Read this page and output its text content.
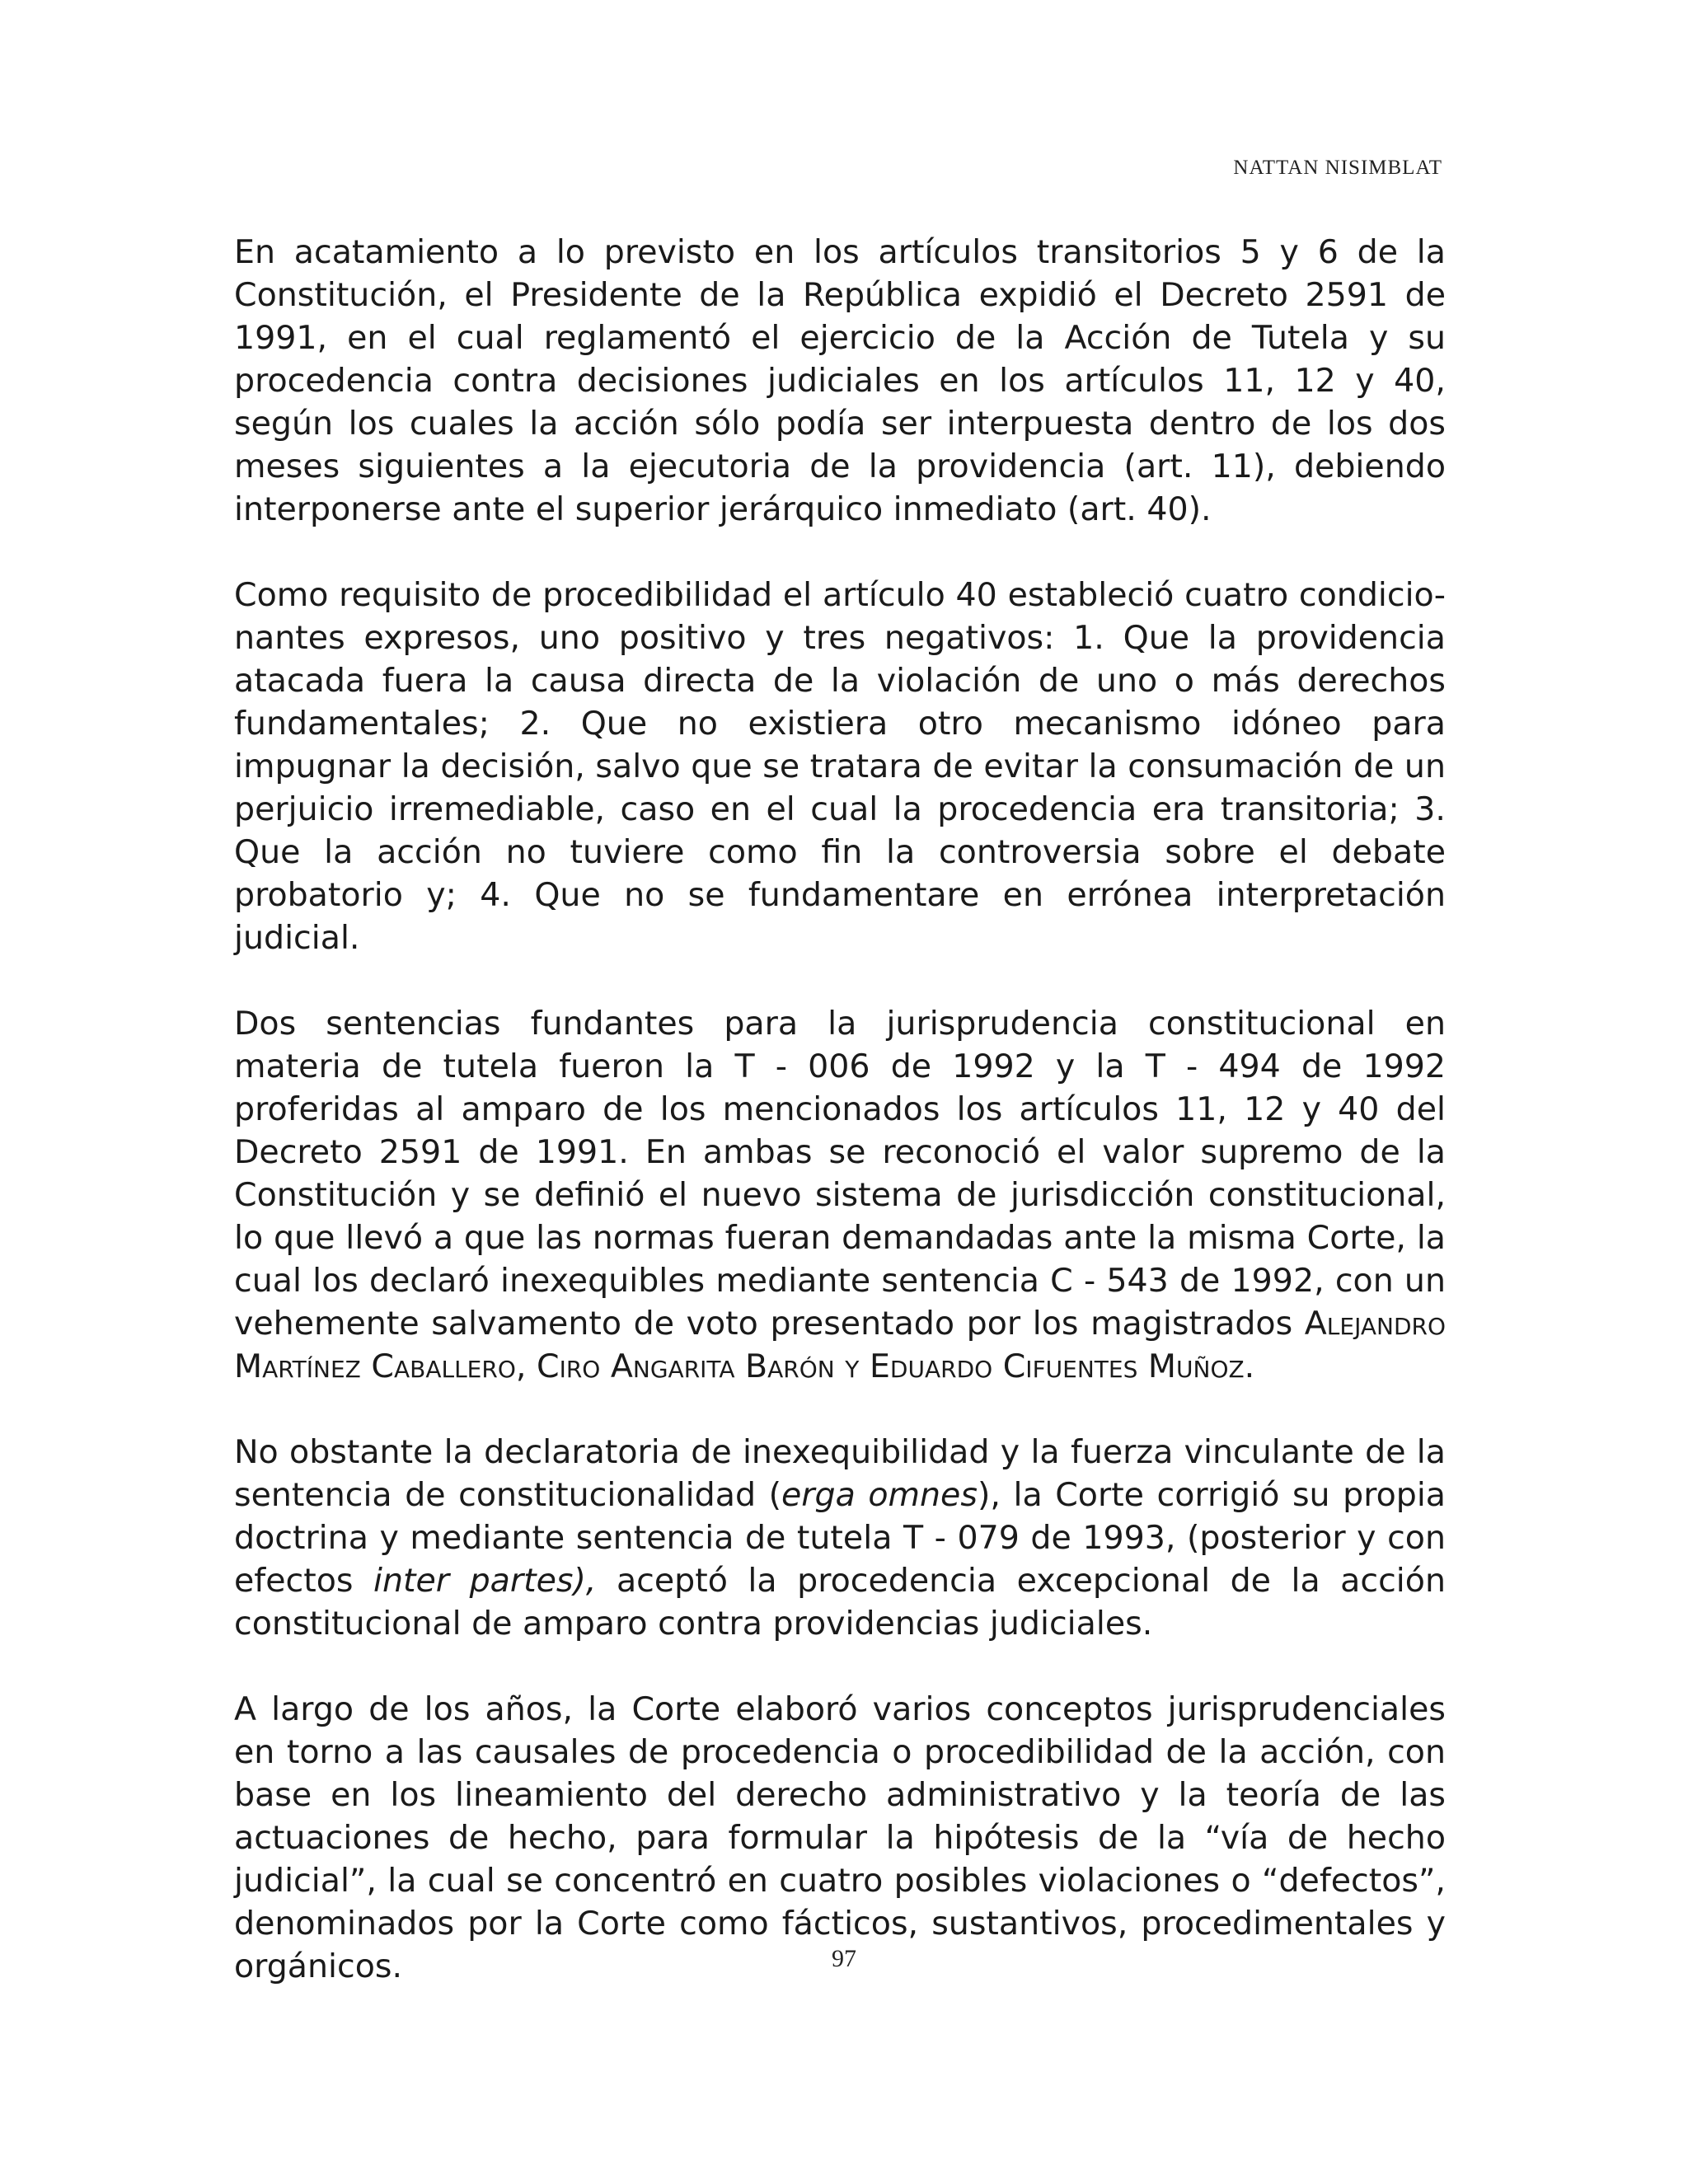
NATTAN NISIMBLAT

En acatamiento a lo previsto en los artículos transitorios 5 y 6 de la Constitución, el Presidente de la República expidió el Decreto 2591 de 1991, en el cual reglamentó el ejercicio de la Acción de Tutela y su procedencia contra decisiones judiciales en los artículos 11, 12 y 40, según los cuales la acción sólo podía ser interpuesta dentro de los dos meses siguientes a la ejecutoria de la providencia (art. 11), debiendo interponerse ante el superior jerárquico inmediato (art. 40).

Como requisito de procedibilidad el artículo 40 estableció cuatro condicionantes expresos, uno positivo y tres negativos: 1. Que la providencia atacada fuera la causa directa de la violación de uno o más derechos fundamentales; 2. Que no existiera otro mecanismo idóneo para impugnar la decisión, salvo que se tratara de evitar la consumación de un perjuicio irremediable, caso en el cual la procedencia era transitoria; 3. Que la acción no tuviere como fin la controversia sobre el debate probatorio y; 4. Que no se fundamentare en errónea interpretación judicial.

Dos sentencias fundantes para la jurisprudencia constitucional en materia de tutela fueron la T - 006 de 1992 y la T - 494 de 1992 proferidas al amparo de los mencionados los artículos 11, 12 y 40 del Decreto 2591 de 1991. En ambas se reconoció el valor supremo de la Constitución y se definió el nuevo sistema de jurisdicción constitucional, lo que llevó a que las normas fueran demandadas ante la misma Corte, la cual los declaró inexequibles mediante sentencia C - 543 de 1992, con un vehemente salvamento de voto presentado por los magistrados Alejandro Martínez Caballero, Ciro Angarita Barón y Eduardo Cifuentes Muñoz.

No obstante la declaratoria de inexequibilidad y la fuerza vinculante de la sentencia de constitucionalidad (erga omnes), la Corte corrigió su propia doctrina y mediante sentencia de tutela T - 079 de 1993, (posterior y con efectos inter partes), aceptó la procedencia excepcional de la acción constitucional de amparo contra providencias judiciales.

A largo de los años, la Corte elaboró varios conceptos jurisprudenciales en torno a las causales de procedencia o procedibilidad de la acción, con base en los lineamiento del derecho administrativo y la teoría de las actuaciones de hecho, para formular la hipótesis de la “vía de hecho judicial”, la cual se concentró en cuatro posibles violaciones o “defectos”, denominados por la Corte como fácticos, sustantivos, procedimentales y orgánicos.	97
